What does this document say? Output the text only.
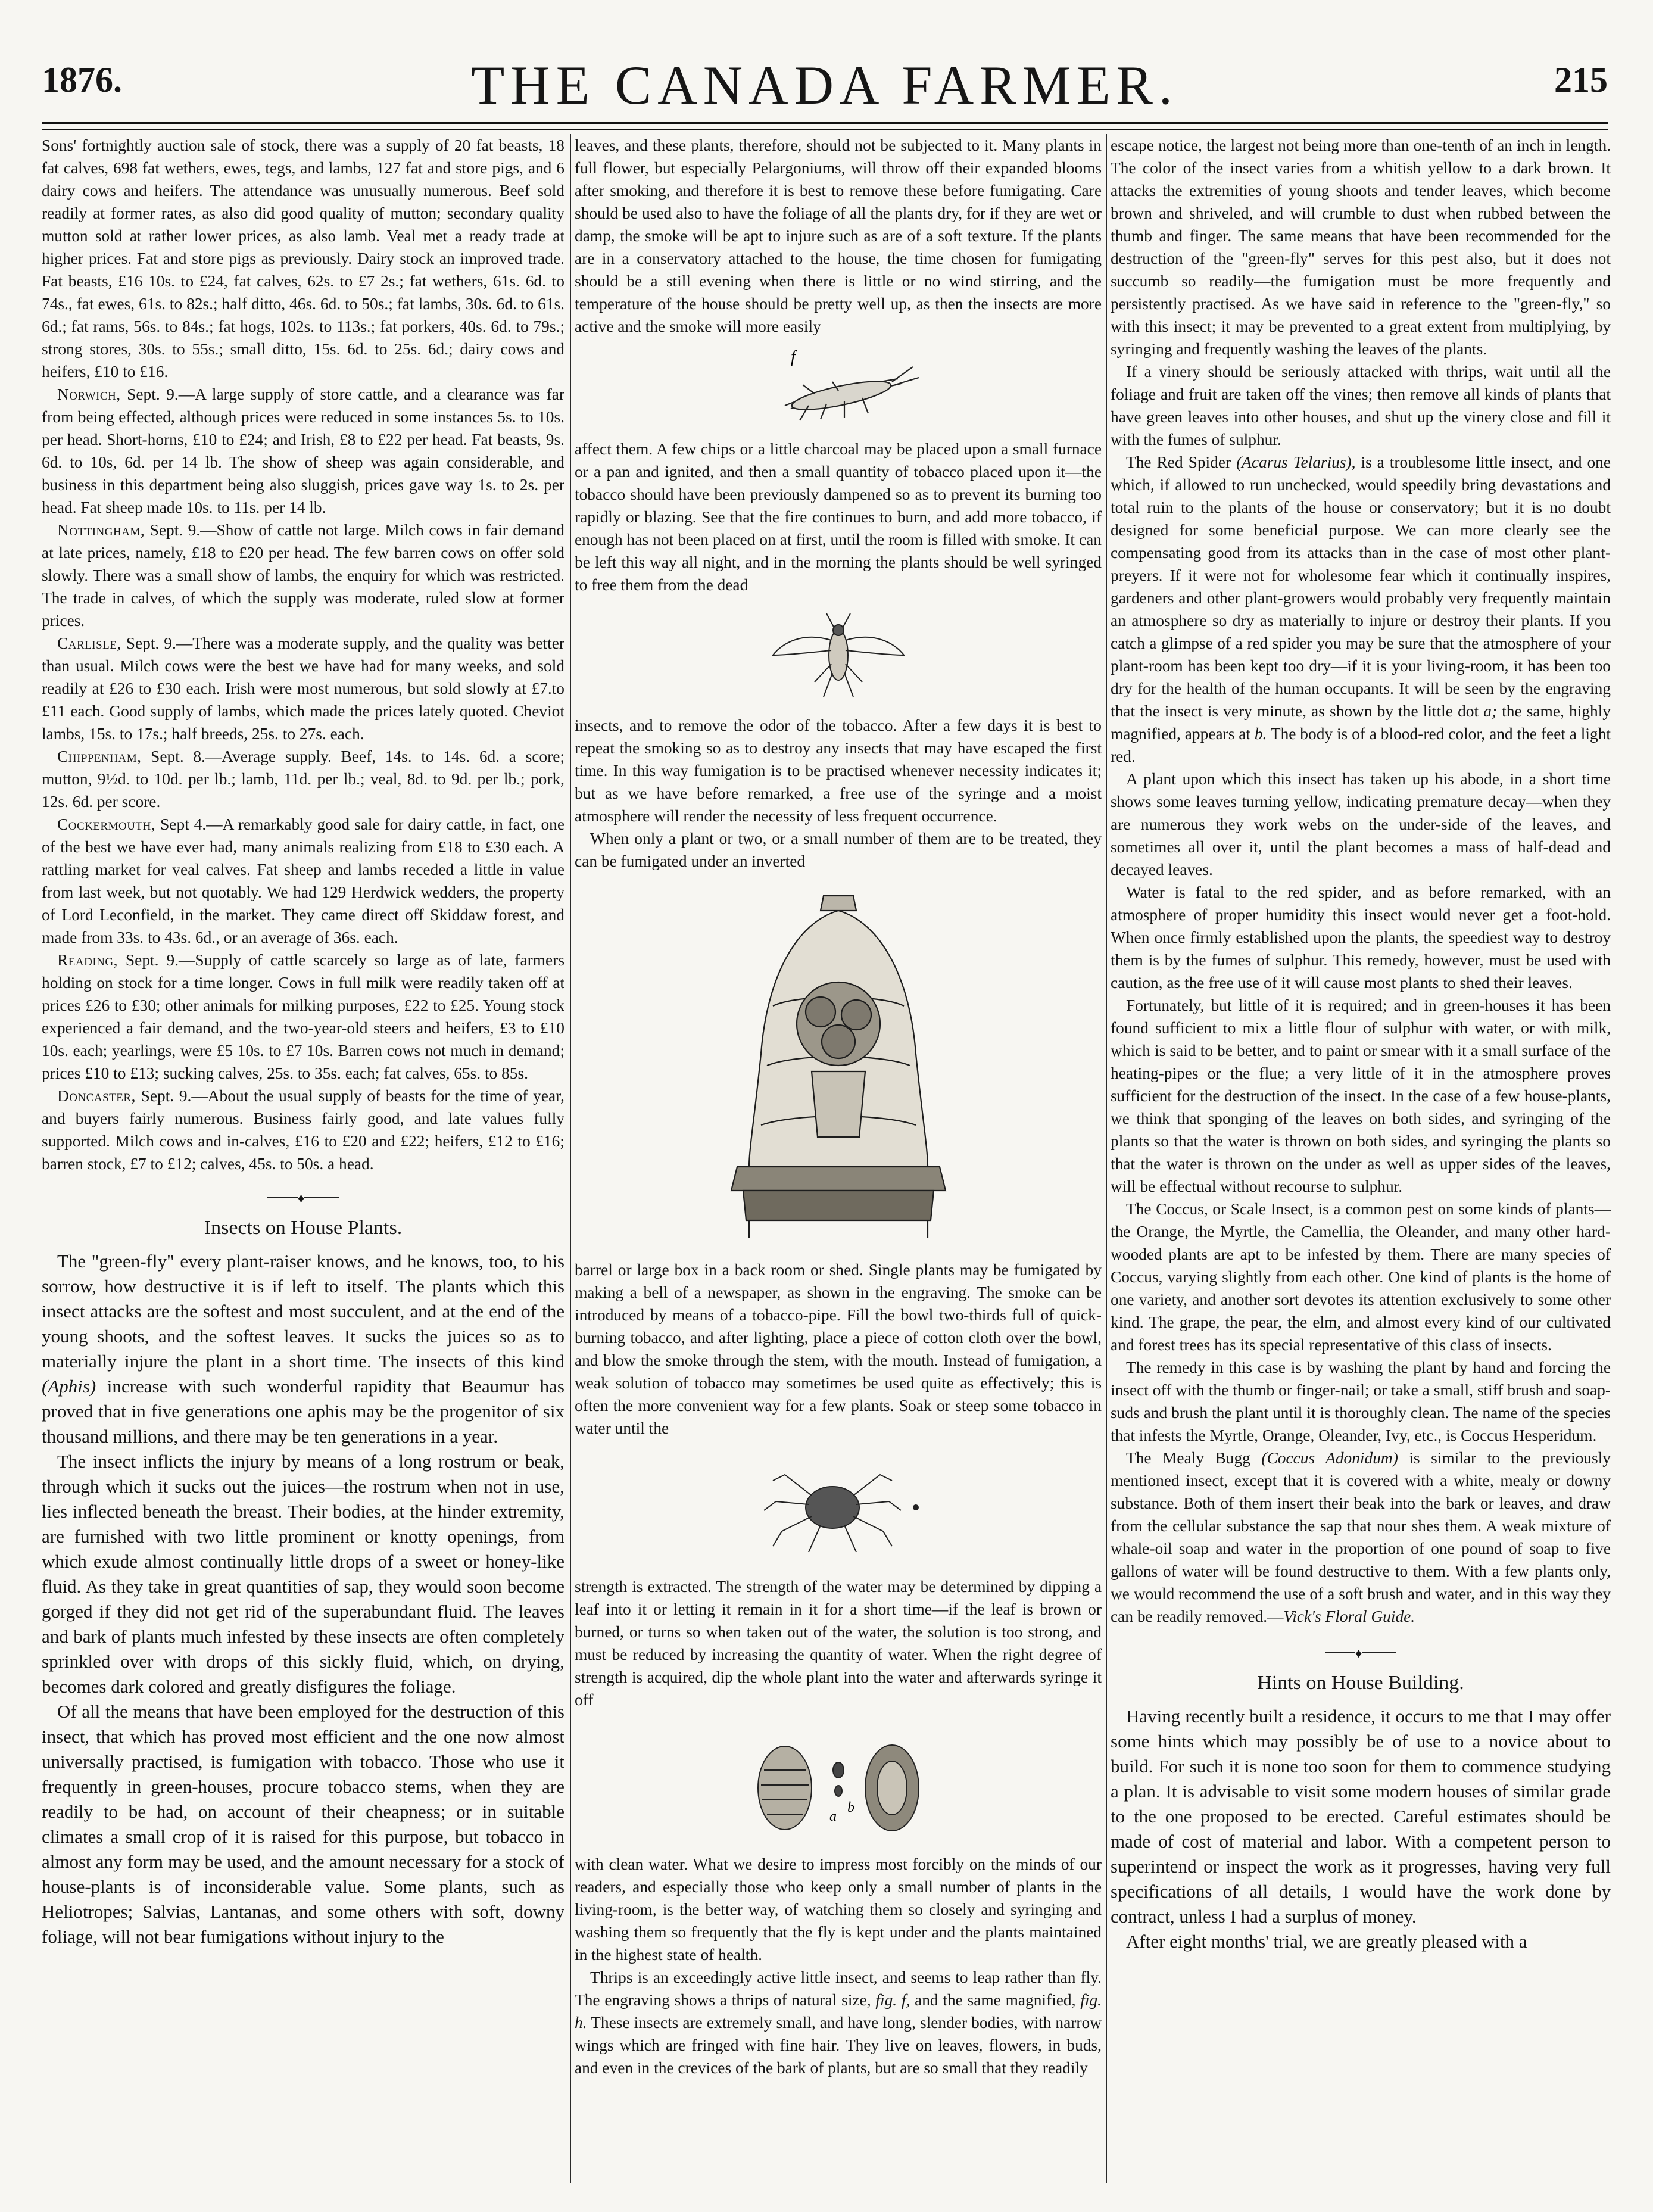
1876.	THE CANADA FARMER.	215

Sons' fortnightly auction sale of stock, there was a supply of 20 fat beasts, 18 fat calves, 698 fat wethers, ewes, tegs, and lambs, 127 fat and store pigs, and 6 dairy cows and heifers. The attendance was unusually numerous. Beef sold readily at former rates, as also did good quality of mutton; secondary quality mutton sold at rather lower prices, as also lamb. Veal met a ready trade at higher prices. Fat and store pigs as previously. Dairy stock an improved trade. Fat beasts, £16 10s. to £24, fat calves, 62s. to £7 2s.; fat wethers, 61s. 6d. to 74s., fat ewes, 61s. to 82s.; half ditto, 46s. 6d. to 50s.; fat lambs, 30s. 6d. to 61s. 6d.; fat rams, 56s. to 84s.; fat hogs, 102s. to 113s.; fat porkers, 40s. 6d. to 79s.; strong stores, 30s. to 55s.; small ditto, 15s. 6d. to 25s. 6d.; dairy cows and heifers, £10 to £16.

Norwich, Sept. 9.—A large supply of store cattle, and a clearance was far from being effected, although prices were reduced in some instances 5s. to 10s. per head. Short-horns, £10 to £24; and Irish, £8 to £22 per head. Fat beasts, 9s. 6d. to 10s, 6d. per 14 lb. The show of sheep was again considerable, and business in this department being also sluggish, prices gave way 1s. to 2s. per head. Fat sheep made 10s. to 11s. per 14 lb.

Nottingham, Sept. 9.—Show of cattle not large. Milch cows in fair demand at late prices, namely, £18 to £20 per head. The few barren cows on offer sold slowly. There was a small show of lambs, the enquiry for which was restricted. The trade in calves, of which the supply was moderate, ruled slow at former prices.

Carlisle, Sept. 9.—There was a moderate supply, and the quality was better than usual. Milch cows were the best we have had for many weeks, and sold readily at £26 to £30 each. Irish were most numerous, but sold slowly at £7.to £11 each. Good supply of lambs, which made the prices lately quoted. Cheviot lambs, 15s. to 17s.; half breeds, 25s. to 27s. each.

Chippenham, Sept. 8.—Average supply. Beef, 14s. to 14s. 6d. a score; mutton, 9½d. to 10d. per lb.; lamb, 11d. per lb.; veal, 8d. to 9d. per lb.; pork, 12s. 6d. per score.

Cockermouth, Sept 4.—A remarkably good sale for dairy cattle, in fact, one of the best we have ever had, many animals realizing from £18 to £30 each. A rattling market for veal calves. Fat sheep and lambs receded a little in value from last week, but not quotably. We had 129 Herdwick wedders, the property of Lord Leconfield, in the market. They came direct off Skiddaw forest, and made from 33s. to 43s. 6d., or an average of 36s. each.

Reading, Sept. 9.—Supply of cattle scarcely so large as of late, farmers holding on stock for a time longer. Cows in full milk were readily taken off at prices £26 to £30; other animals for milking purposes, £22 to £25. Young stock experienced a fair demand, and the two-year-old steers and heifers, £3 to £10 10s. each; yearlings, were £5 10s. to £7 10s. Barren cows not much in demand; prices £10 to £13; sucking calves, 25s. to 35s. each; fat calves, 65s. to 85s.

Doncaster, Sept. 9.—About the usual supply of beasts for the time of year, and buyers fairly numerous. Business fairly good, and late values fully supported. Milch cows and in-calves, £16 to £20 and £22; heifers, £12 to £16; barren stock, £7 to £12; calves, 45s. to 50s. a head.

♦
Insects on House Plants.

The "green-fly" every plant-raiser knows, and he knows, too, to his sorrow, how destructive it is if left to itself. The plants which this insect attacks are the softest and most succulent, and at the end of the young shoots, and the softest leaves. It sucks the juices so as to materially injure the plant in a short time. The insects of this kind (Aphis) increase with such wonderful rapidity that Beaumur has proved that in five generations one aphis may be the progenitor of six thousand millions, and there may be ten generations in a year.

The insect inflicts the injury by means of a long rostrum or beak, through which it sucks out the juices—the rostrum when not in use, lies inflected beneath the breast. Their bodies, at the hinder extremity, are furnished with two little prominent or knotty openings, from which exude almost continually little drops of a sweet or honey-like fluid. As they take in great quantities of sap, they would soon become gorged if they did not get rid of the superabundant fluid. The leaves and bark of plants much infested by these insects are often completely sprinkled over with drops of this sickly fluid, which, on drying, becomes dark colored and greatly disfigures the foliage.

Of all the means that have been employed for the destruction of this insect, that which has proved most efficient and the one now almost universally practised, is fumigation with tobacco. Those who use it frequently in green-houses, procure tobacco stems, when they are readily to be had, on account of their cheapness; or in suitable climates a small crop of it is raised for this purpose, but tobacco in almost any form may be used, and the amount necessary for a stock of house-plants is of inconsiderable value. Some plants, such as Heliotropes; Salvias, Lantanas, and some others with soft, downy foliage, will not bear fumigations without injury to the

leaves, and these plants, therefore, should not be subjected to it. Many plants in full flower, but especially Pelargoniums, will throw off their expanded blooms after smoking, and therefore it is best to remove these before fumigating. Care should be used also to have the foliage of all the plants dry, for if they are wet or damp, the smoke will be apt to injure such as are of a soft texture. If the plants are in a conservatory attached to the house, the time chosen for fumigating should be a still evening when there is little or no wind stirring, and the temperature of the house should be pretty well up, as then the insects are more active and the smoke will more easily

f

affect them. A few chips or a little charcoal may be placed upon a small furnace or a pan and ignited, and then a small quantity of tobacco placed upon it—the tobacco should have been previously dampened so as to prevent its burning too rapidly or blazing. See that the fire continues to burn, and add more tobacco, if enough has not been placed on at first, until the room is filled with smoke. It can be left this way all night, and in the morning the plants should be well syringed to free them from the dead

insects, and to remove the odor of the tobacco. After a few days it is best to repeat the smoking so as to destroy any insects that may have escaped the first time. In this way fumigation is to be practised whenever necessity indicates it; but as we have before remarked, a free use of the syringe and a moist atmosphere will render the necessity of less frequent occurrence.

When only a plant or two, or a small number of them are to be treated, they can be fumigated under an inverted

barrel or large box in a back room or shed. Single plants may be fumigated by making a bell of a newspaper, as shown in the engraving. The smoke can be introduced by means of a tobacco-pipe. Fill the bowl two-thirds full of quick-burning tobacco, and after lighting, place a piece of cotton cloth over the bowl, and blow the smoke through the stem, with the mouth. Instead of fumigation, a weak solution of tobacco may sometimes be used quite as effectively; this is often the more convenient way for a few plants. Soak or steep some tobacco in water until the

strength is extracted. The strength of the water may be determined by dipping a leaf into it or letting it remain in it for a short time—if the leaf is brown or burned, or turns so when taken out of the water, the solution is too strong, and must be reduced by increasing the quantity of water. When the right degree of strength is acquired, dip the whole plant into the water and afterwards syringe it off

a
b

with clean water. What we desire to impress most forcibly on the minds of our readers, and especially those who keep only a small number of plants in the living-room, is the better way, of watching them so closely and syringing and washing them so frequently that the fly is kept under and the plants maintained in the highest state of health.

Thrips is an exceedingly active little insect, and seems to leap rather than fly. The engraving shows a thrips of natural size, fig. f, and the same magnified, fig. h. These insects are extremely small, and have long, slender bodies, with narrow wings which are fringed with fine hair. They live on leaves, flowers, in buds, and even in the crevices of the bark of plants, but are so small that they readily

escape notice, the largest not being more than one-tenth of an inch in length. The color of the insect varies from a whitish yellow to a dark brown. It attacks the extremities of young shoots and tender leaves, which become brown and shriveled, and will crumble to dust when rubbed between the thumb and finger. The same means that have been recommended for the destruction of the "green-fly" serves for this pest also, but it does not succumb so readily—the fumigation must be more frequently and persistently practised. As we have said in reference to the "green-fly," so with this insect; it may be prevented to a great extent from multiplying, by syringing and frequently washing the leaves of the plants.

If a vinery should be seriously attacked with thrips, wait until all the foliage and fruit are taken off the vines; then remove all kinds of plants that have green leaves into other houses, and shut up the vinery close and fill it with the fumes of sulphur.

The Red Spider (Acarus Telarius), is a troublesome little insect, and one which, if allowed to run unchecked, would speedily bring devastations and total ruin to the plants of the house or conservatory; but it is no doubt designed for some beneficial purpose. We can more clearly see the compensating good from its attacks than in the case of most other plant-preyers. If it were not for wholesome fear which it continually inspires, gardeners and other plant-growers would probably very frequently maintain an atmosphere so dry as materially to injure or destroy their plants. If you catch a glimpse of a red spider you may be sure that the atmosphere of your plant-room has been kept too dry—if it is your living-room, it has been too dry for the health of the human occupants. It will be seen by the engraving that the insect is very minute, as shown by the little dot a; the same, highly magnified, appears at b. The body is of a blood-red color, and the feet a light red.

A plant upon which this insect has taken up his abode, in a short time shows some leaves turning yellow, indicating premature decay—when they are numerous they work webs on the under-side of the leaves, and sometimes all over it, until the plant becomes a mass of half-dead and decayed leaves.

Water is fatal to the red spider, and as before remarked, with an atmosphere of proper humidity this insect would never get a foot-hold. When once firmly established upon the plants, the speediest way to destroy them is by the fumes of sulphur. This remedy, however, must be used with caution, as the free use of it will cause most plants to shed their leaves.

Fortunately, but little of it is required; and in green-houses it has been found sufficient to mix a little flour of sulphur with water, or with milk, which is said to be better, and to paint or smear with it a small surface of the heating-pipes or the flue; a very little of it in the atmosphere proves sufficient for the destruction of the insect. In the case of a few house-plants, we think that sponging of the leaves on both sides, and syringing of the plants so that the water is thrown on both sides, and syringing the plants so that the water is thrown on the under as well as upper sides of the leaves, will be effectual without recourse to sulphur.

The Coccus, or Scale Insect, is a common pest on some kinds of plants—the Orange, the Myrtle, the Camellia, the Oleander, and many other hard-wooded plants are apt to be infested by them. There are many species of Coccus, varying slightly from each other. One kind of plants is the home of one variety, and another sort devotes its attention exclusively to some other kind. The grape, the pear, the elm, and almost every kind of our cultivated and forest trees has its special representative of this class of insects.

The remedy in this case is by washing the plant by hand and forcing the insect off with the thumb or finger-nail; or take a small, stiff brush and soap-suds and brush the plant until it is thoroughly clean. The name of the species that infests the Myrtle, Orange, Oleander, Ivy, etc., is Coccus Hesperidum.

The Mealy Bugg (Coccus Adonidum) is similar to the previously mentioned insect, except that it is covered with a white, mealy or downy substance. Both of them insert their beak into the bark or leaves, and draw from the cellular substance the sap that nour shes them. A weak mixture of whale-oil soap and water in the proportion of one pound of soap to five gallons of water will be found destructive to them. With a few plants only, we would recommend the use of a soft brush and water, and in this way they can be readily removed.—Vick's Floral Guide.

♦
Hints on House Building.

Having recently built a residence, it occurs to me that I may offer some hints which may possibly be of use to a novice about to build. For such it is none too soon for them to commence studying a plan. It is advisable to visit some modern houses of similar grade to the one proposed to be erected. Careful estimates should be made of cost of material and labor. With a competent person to superintend or inspect the work as it progresses, having very full specifications of all details, I would have the work done by contract, unless I had a surplus of money.

After eight months' trial, we are greatly pleased with a
